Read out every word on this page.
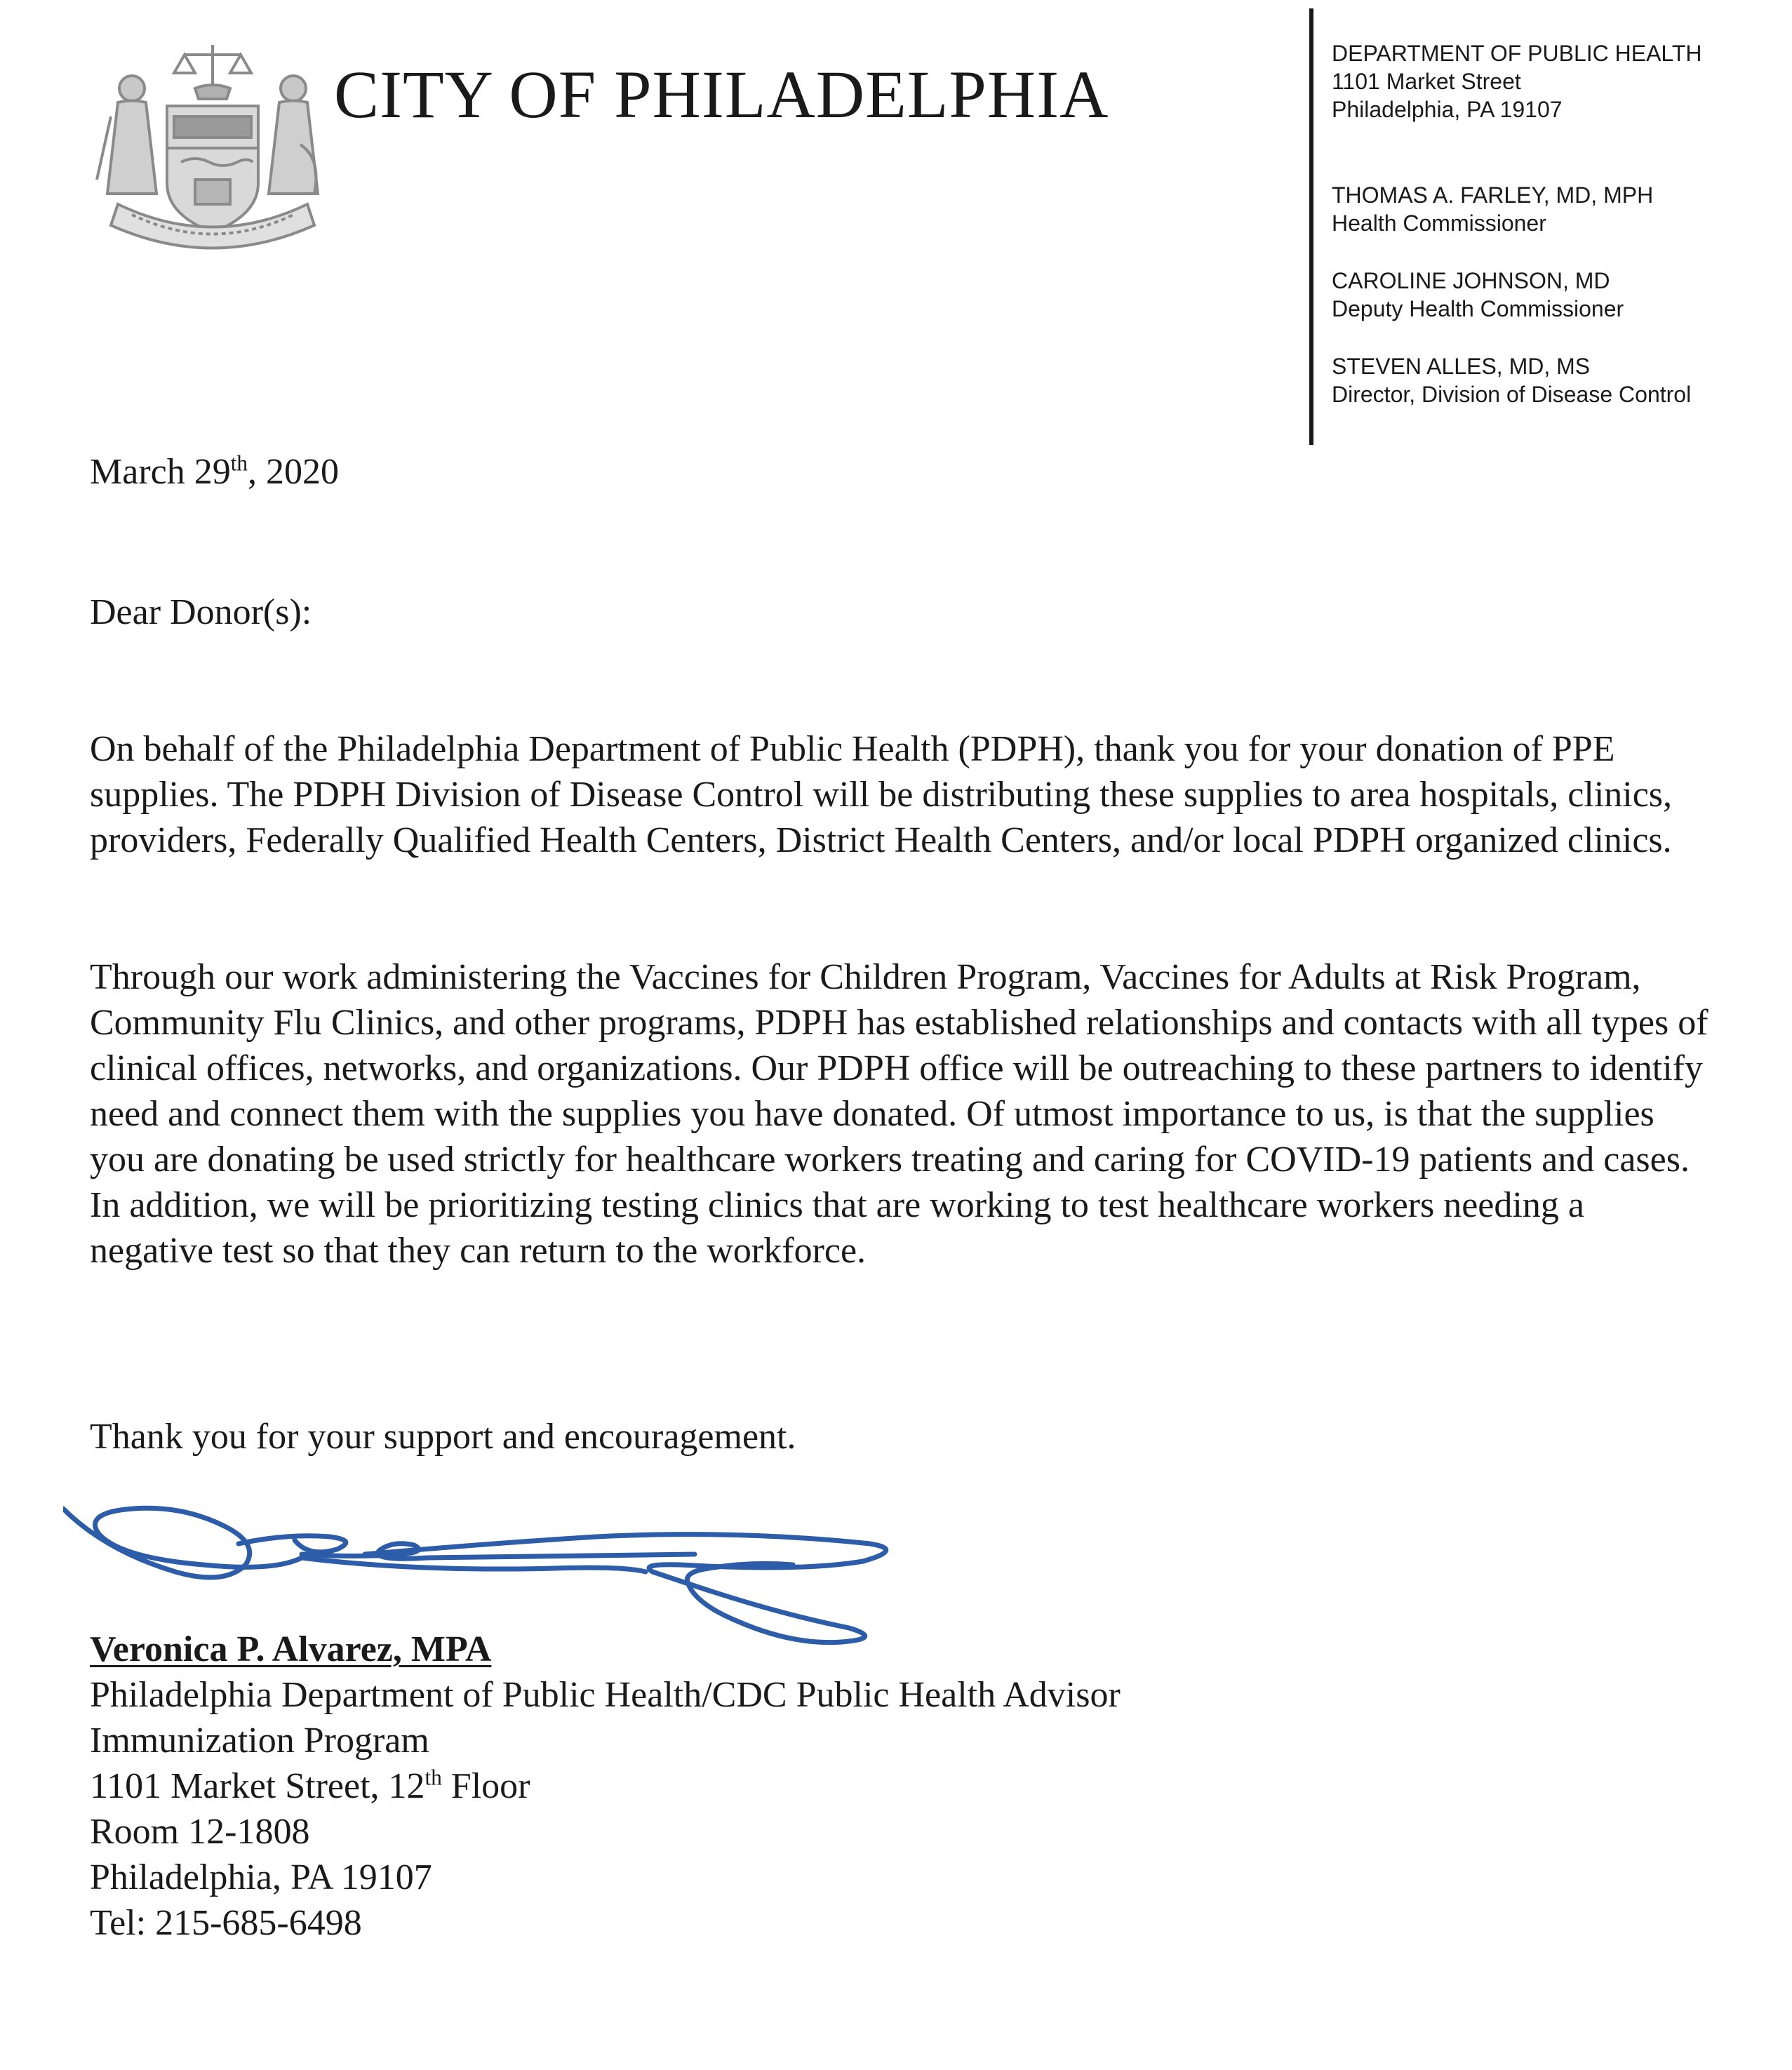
CITY OF PHILADELPHIA
DEPARTMENT OF PUBLIC HEALTH
1101 Market Street
Philadelphia, PA 19107
THOMAS A. FARLEY, MD, MPH
Health Commissioner
CAROLINE JOHNSON, MD
Deputy Health Commissioner
STEVEN ALLES, MD, MS
Director, Division of Disease Control
March 29th, 2020
Dear Donor(s):

On behalf of the Philadelphia Department of Public Health (PDPH), thank you for your donation of PPE supplies. The PDPH Division of Disease Control will be distributing these supplies to area hospitals, clinics, providers, Federally Qualified Health Centers, District Health Centers, and/or local PDPH organized clinics.

Through our work administering the Vaccines for Children Program, Vaccines for Adults at Risk Program, Community Flu Clinics, and other programs, PDPH has established relationships and contacts with all types of clinical offices, networks, and organizations. Our PDPH office will be outreaching to these partners to identify need and connect them with the supplies you have donated. Of utmost importance to us, is that the supplies you are donating be used strictly for healthcare workers treating and caring for COVID-19 patients and cases. In addition, we will be prioritizing testing clinics that are working to test healthcare workers needing a negative test so that they can return to the workforce.

Thank you for your support and encouragement.
Veronica P. Alvarez, MPA
Philadelphia Department of Public Health/CDC Public Health Advisor
Immunization Program
1101 Market Street, 12th Floor
Room 12-1808
Philadelphia, PA 19107
Tel: 215-685-6498
